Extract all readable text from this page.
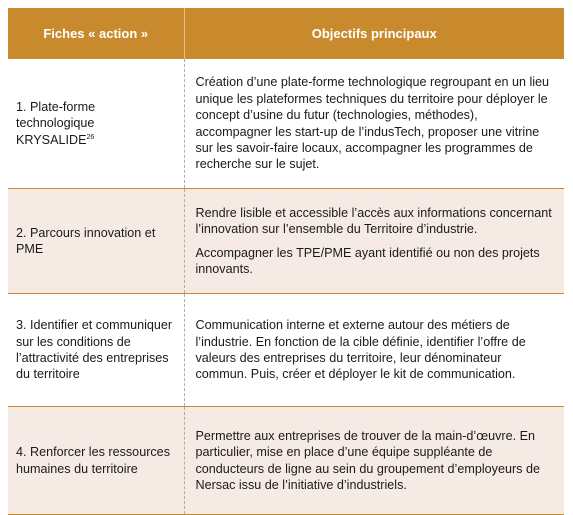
Fiches « action »	Objectifs principaux
1. Plate-forme technologique KRYSALIDE$^{26}$	Création d’une plate-forme technologique regroupant en un lieu unique les plateformes techniques du territoire pour déployer le concept d’usine du futur (technologies, méthodes), accompagner les start-up de l’indusTech, proposer une vitrine sur les savoir-faire locaux, accompagner les programmes de recherche sur le sujet.

2. Parcours innovation et PME	Rendre lisible et accessible l’accès aux informations concernant l’innovation sur l’ensemble du Territoire d’industrie.

Accompagner les TPE/PME ayant identifié ou non des projets innovants.

3. Identifier et communiquer sur les conditions de l’attractivité des entreprises du territoire	Communication interne et externe autour des métiers de l’industrie. En fonction de la cible définie, identifier l’offre de valeurs des entreprises du territoire, leur dénominateur commun. Puis, créer et déployer le kit de communication.

4. Renforcer les ressources humaines du territoire	Permettre aux entreprises de trouver de la main-d’œuvre. En particulier, mise en place d’une équipe suppléante de conducteurs de ligne au sein du groupement d’employeurs de Nersac issu de l’initiative d’industriels.
